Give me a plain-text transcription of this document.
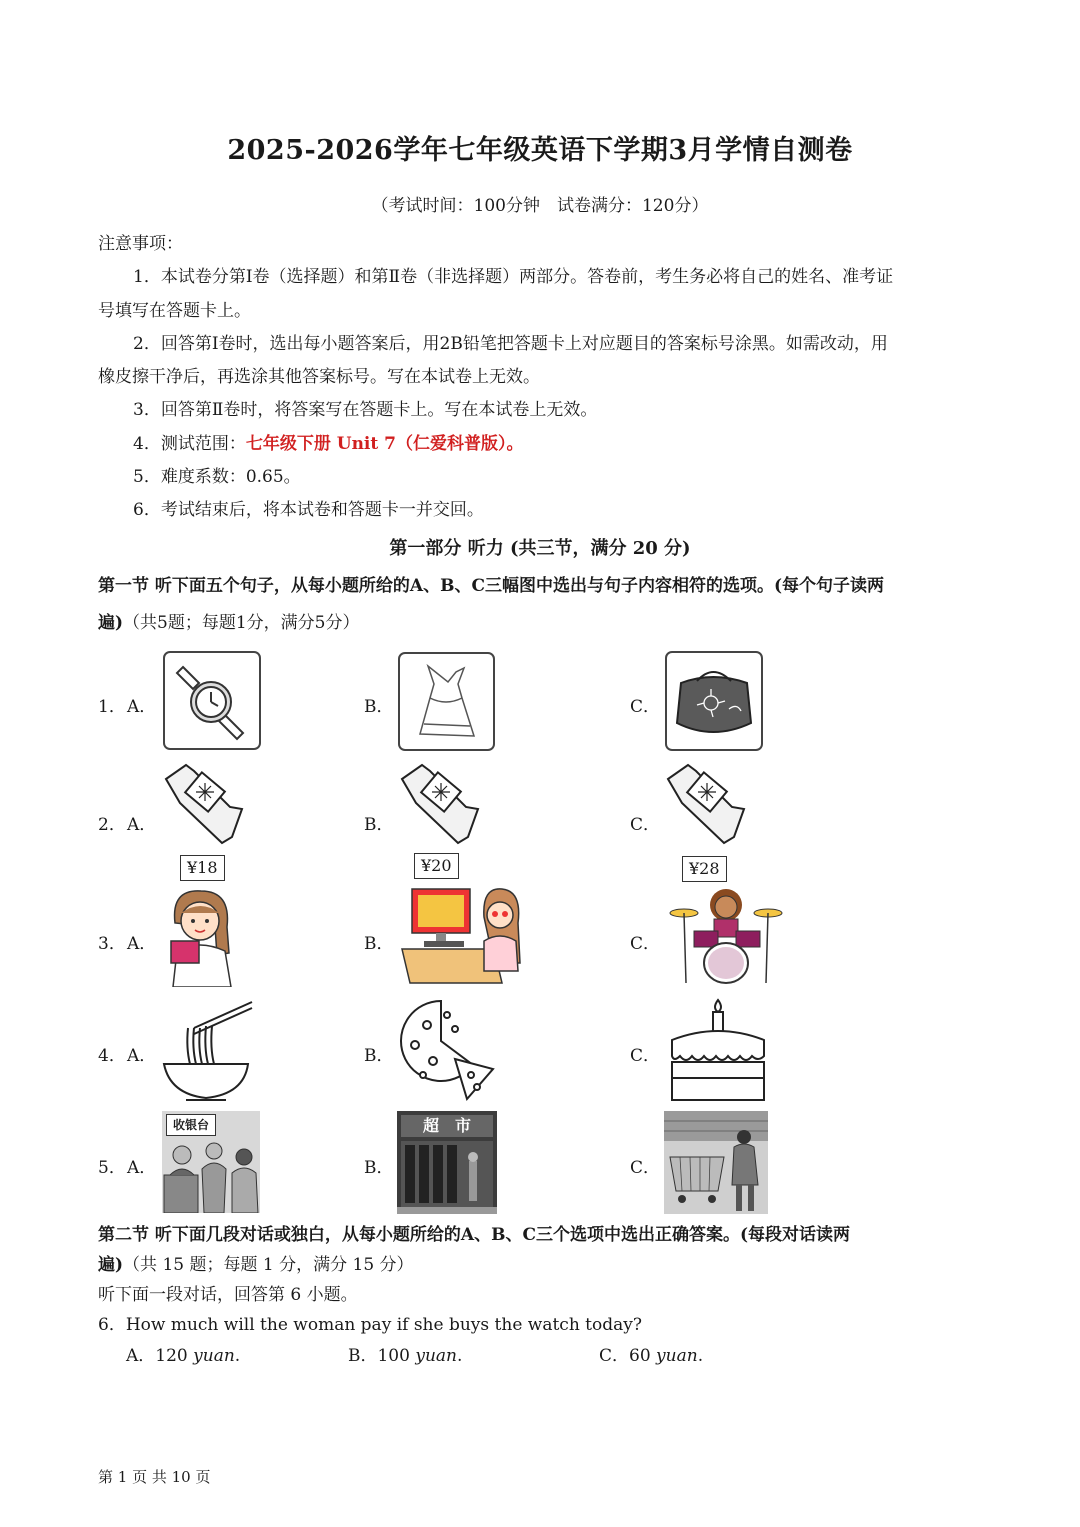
2025-2026学年七年级英语下学期3月学情自测卷
（考试时间：100分钟　试卷满分：120分）
注意事项：
1．本试卷分第Ⅰ卷（选择题）和第Ⅱ卷（非选择题）两部分。答卷前，考生务必将自己的姓名、准考证
号填写在答题卡上。
2．回答第Ⅰ卷时，选出每小题答案后，用2B铅笔把答题卡上对应题目的答案标号涂黑。如需改动，用
橡皮擦干净后，再选涂其他答案标号。写在本试卷上无效。
3．回答第Ⅱ卷时，将答案写在答题卡上。写在本试卷上无效。
4．测试范围：七年级下册 Unit 7（仁爱科普版）。
5．难度系数：0.65。
6．考试结束后，将本试卷和答题卡一并交回。
第一部分 听力 (共三节，满分 20 分)
第一节 听下面五个句子，从每小题所给的A、B、C三幅图中选出与句子内容相符的选项。(每个句子读两
遍)（共5题；每题1分，满分5分）
1． A．	B．	C．
2． A．	B．	C．
¥18	¥20	¥28
3． A．	B．	C．
4． A．	B．	C．
5． A．
收银台
B．
超　市
C．
第二节 听下面几段对话或独白，从每小题所给的A、B、C三个选项中选出正确答案。(每段对话读两
遍)（共 15 题；每题 1 分，满分 15 分）
听下面一段对话，回答第 6 小题。
6．How much will the woman pay if she buys the watch today?
A．120 yuan.	B．100 yuan.	C．60 yuan.
第 1 页 共 10 页
